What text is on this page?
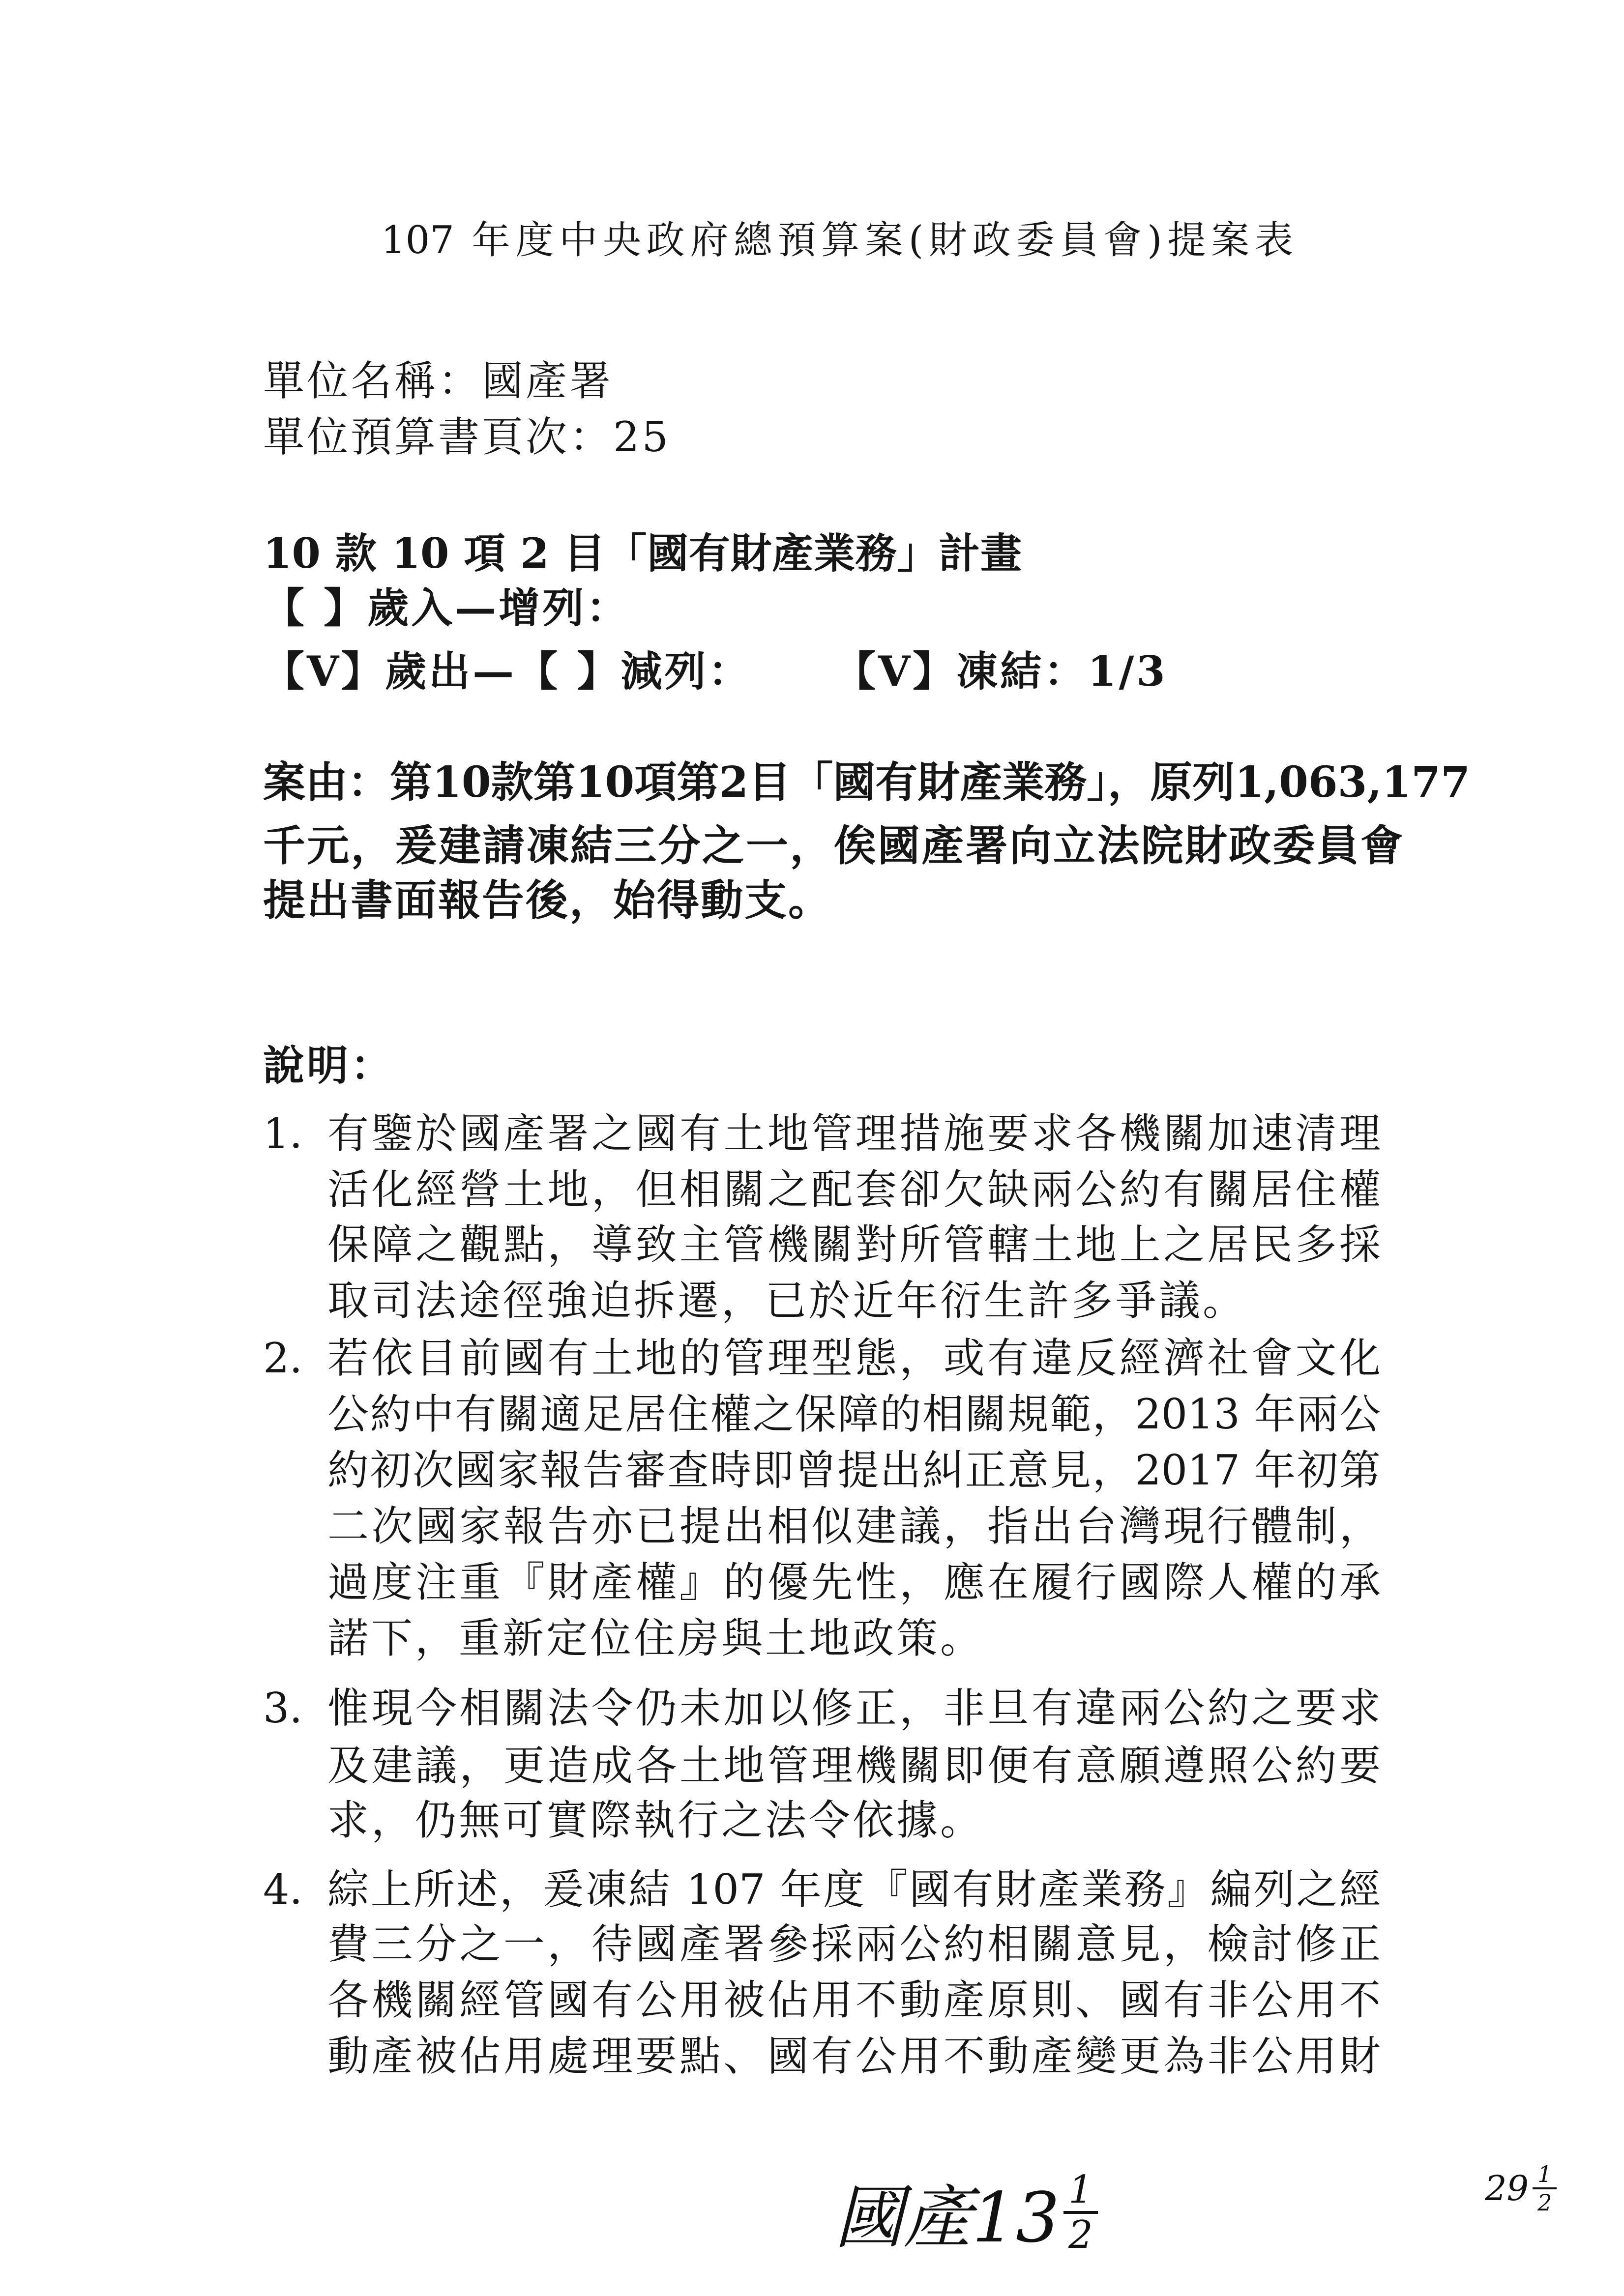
107 年度中央政府總預算案(財政委員會)提案表
單位名稱：國產署
單位預算書頁次：25
10 款 10 項 2 目「國有財產業務」計畫
【 】歲入—增列：
【V】歲出—【 】減列： 【V】凍結：1/3
案由：第10款第10項第2目「國有財產業務」，原列1,063,177
千元，爰建請凍結三分之一，俟國產署向立法院財政委員會
提出書面報告後，始得動支。
說明：
1. 有鑒於國產署之國有土地管理措施要求各機關加速清理
活化經營土地，但相關之配套卻欠缺兩公約有關居住權
保障之觀點，導致主管機關對所管轄土地上之居民多採
取司法途徑強迫拆遷，已於近年衍生許多爭議。
2. 若依目前國有土地的管理型態，或有違反經濟社會文化
公約中有關適足居住權之保障的相關規範，2013 年兩公
約初次國家報告審查時即曾提出糾正意見，2017 年初第
二次國家報告亦已提出相似建議，指出台灣現行體制，
過度注重『財產權』的優先性，應在履行國際人權的承
諾下，重新定位住房與土地政策。
3. 惟現今相關法令仍未加以修正，非旦有違兩公約之要求
及建議，更造成各土地管理機關即便有意願遵照公約要
求，仍無可實際執行之法令依據。
4. 綜上所述，爰凍結 107 年度『國有財產業務』編列之經
費三分之一，待國產署參採兩公約相關意見，檢討修正
各機關經管國有公用被佔用不動產原則、國有非公用不
動產被佔用處理要點、國有公用不動產變更為非公用財
國產$13 \frac{1}{2}$	$29 \frac{1}{2}$
